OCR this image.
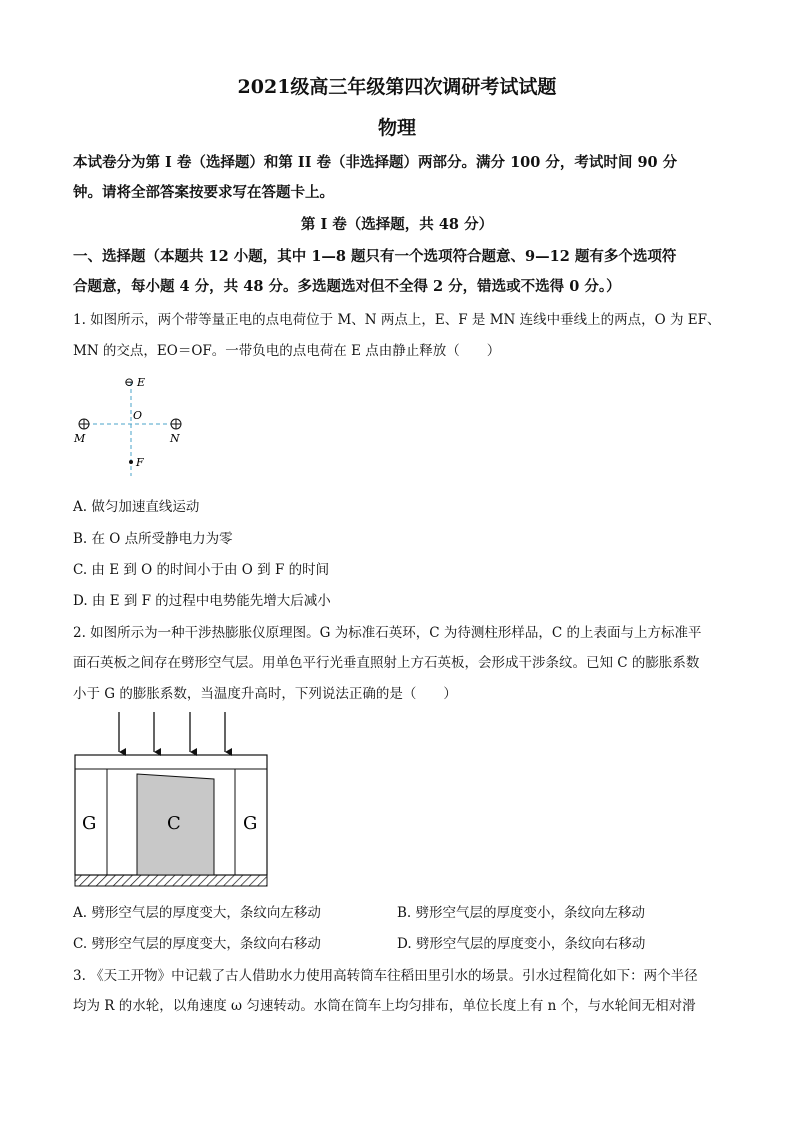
2021级高三年级第四次调研考试试题
物理
本试卷分为第 I 卷（选择题）和第 II 卷（非选择题）两部分。满分 100 分，考试时间 90 分
钟。请将全部答案按要求写在答题卡上。
第 I 卷（选择题，共 48 分）
一、选择题（本题共 12 小题，其中 1—8 题只有一个选项符合题意、9—12 题有多个选项符
合题意，每小题 4 分，共 48 分。多选题选对但不全得 2 分，错选或不选得 0 分。）
1. 如图所示，两个带等量正电的点电荷位于 M、N 两点上，E、F 是 MN 连线中垂线上的两点，O 为 EF、
MN 的交点，EO＝OF。一带负电的点电荷在 E 点由静止释放（　　）
⊖ E
O
M	N
F
A. 做匀加速直线运动
B. 在 O 点所受静电力为零
C. 由 E 到 O 的时间小于由 O 到 F 的时间
D. 由 E 到 F 的过程中电势能先增大后减小
2. 如图所示为一种干涉热膨胀仪原理图。G 为标准石英环，C 为待测柱形样品，C 的上表面与上方标准平
面石英板之间存在劈形空气层。用单色平行光垂直照射上方石英板，会形成干涉条纹。已知 C 的膨胀系数
小于 G 的膨胀系数，当温度升高时，下列说法正确的是（　　）
G	C	G
A. 劈形空气层的厚度变大，条纹向左移动	B. 劈形空气层的厚度变小，条纹向左移动
C. 劈形空气层的厚度变大，条纹向右移动	D. 劈形空气层的厚度变小，条纹向右移动
3. 《天工开物》中记载了古人借助水力使用高转筒车往稻田里引水的场景。引水过程简化如下：两个半径
均为 R 的水轮，以角速度 ω 匀速转动。水筒在筒车上均匀排布，单位长度上有 n 个，与水轮间无相对滑
